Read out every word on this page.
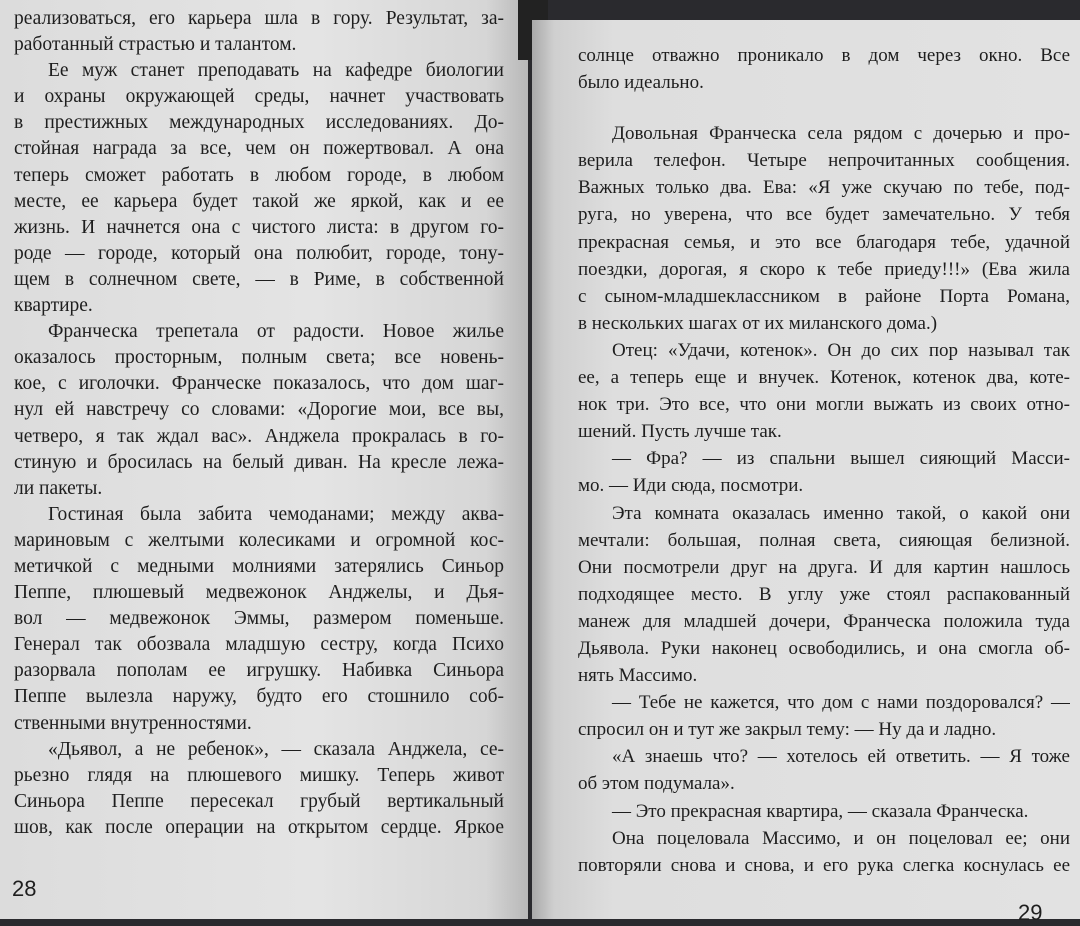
реализоваться, его карьера шла в гору. Результат, за-
работанный страстью и талантом.
Ее муж станет преподавать на кафедре биологии
и охраны окружающей среды, начнет участвовать
в престижных международных исследованиях. До-
стойная награда за все, чем он пожертвовал. А она
теперь сможет работать в любом городе, в любом
месте, ее карьера будет такой же яркой, как и ее
жизнь. И начнется она с чистого листа: в другом го-
роде — городе, который она полюбит, городе, тону-
щем в солнечном свете, — в Риме, в собственной
квартире.
Франческа трепетала от радости. Новое жилье
оказалось просторным, полным света; все новень-
кое, с иголочки. Франческе показалось, что дом шаг-
нул ей навстречу со словами: «Дорогие мои, все вы,
четверо, я так ждал вас». Анджела прокралась в го-
стиную и бросилась на белый диван. На кресле лежа-
ли пакеты.
Гостиная была забита чемоданами; между аква-
мариновым с желтыми колесиками и огромной кос-
метичкой с медными молниями затерялись Синьор
Пеппе, плюшевый медвежонок Анджелы, и Дья-
вол — медвежонок Эммы, размером поменьше.
Генерал так обозвала младшую сестру, когда Психо
разорвала пополам ее игрушку. Набивка Синьора
Пеппе вылезла наружу, будто его стошнило соб-
ственными внутренностями.
«Дьявол, а не ребенок», — сказала Анджела, се-
рьезно глядя на плюшевого мишку. Теперь живот
Синьора Пеппе пересекал грубый вертикальный
шов, как после операции на открытом сердце. Яркое
28
солнце отважно проникало в дом через окно. Все
было идеально.
Довольная Франческа села рядом с дочерью и про-
верила телефон. Четыре непрочитанных сообщения.
Важных только два. Ева: «Я уже скучаю по тебе, под-
руга, но уверена, что все будет замечательно. У тебя
прекрасная семья, и это все благодаря тебе, удачной
поездки, дорогая, я скоро к тебе приеду!!!» (Ева жила
с сыном-младшеклассником в районе Порта Романа,
в нескольких шагах от их миланского дома.)
Отец: «Удачи, котенок». Он до сих пор называл так
ее, а теперь еще и внучек. Котенок, котенок два, коте-
нок три. Это все, что они могли выжать из своих отно-
шений. Пусть лучше так.
— Фра? — из спальни вышел сияющий Масси-
мо. — Иди сюда, посмотри.
Эта комната оказалась именно такой, о какой они
мечтали: большая, полная света, сияющая белизной.
Они посмотрели друг на друга. И для картин нашлось
подходящее место. В углу уже стоял распакованный
манеж для младшей дочери, Франческа положила туда
Дьявола. Руки наконец освободились, и она смогла об-
нять Массимо.
— Тебе не кажется, что дом с нами поздоровался? —
спросил он и тут же закрыл тему: — Ну да и ладно.
«А знаешь что? — хотелось ей ответить. — Я тоже
об этом подумала».
— Это прекрасная квартира, — сказала Франческа.
Она поцеловала Массимо, и он поцеловал ее; они
повторяли снова и снова, и его рука слегка коснулась ее
29
